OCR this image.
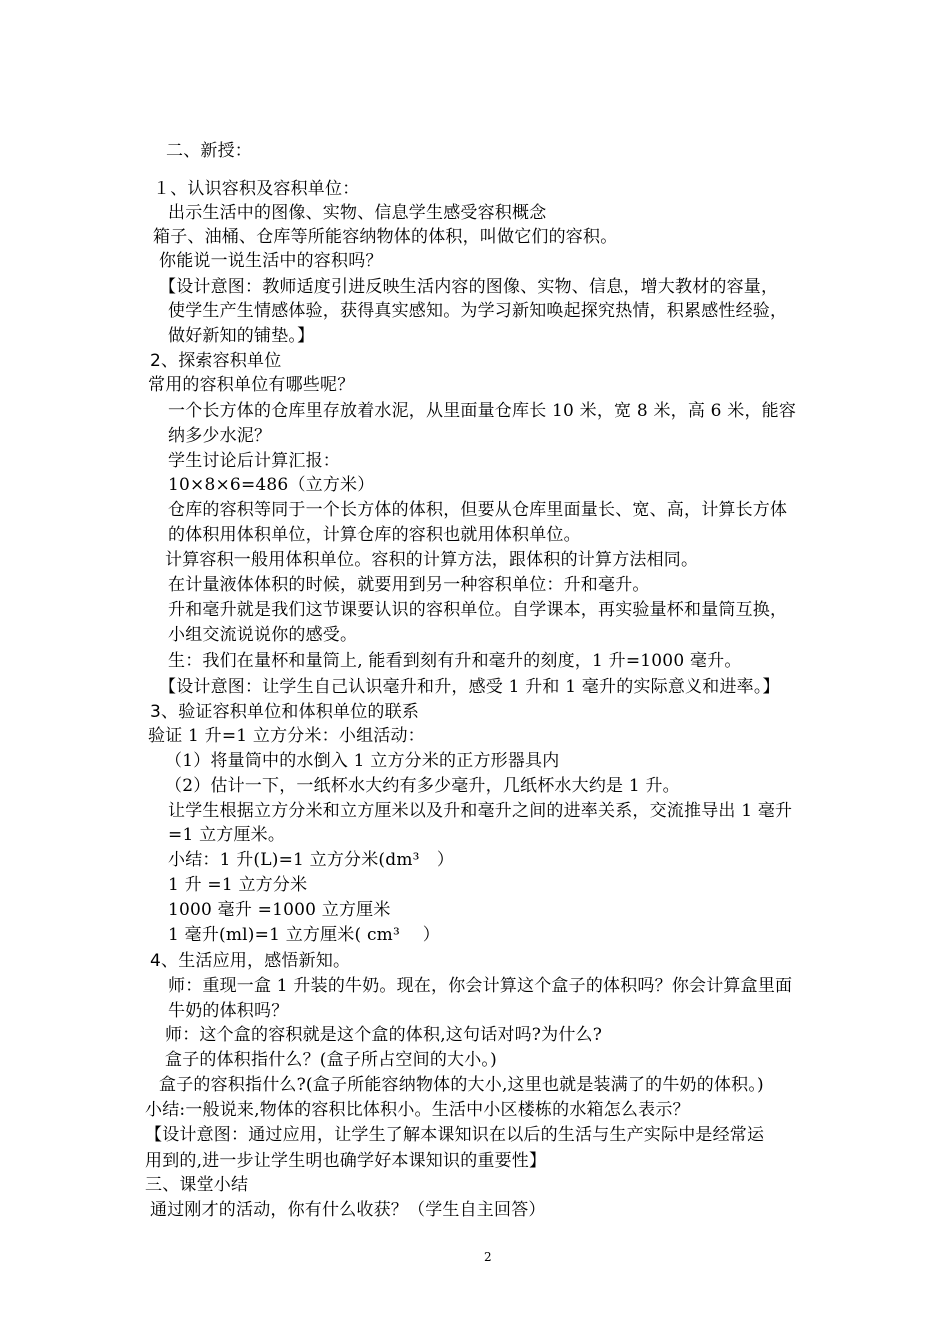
二、新授：
１、认识容积及容积单位：
出示生活中的图像、实物、信息学生感受容积概念
箱子、油桶、仓库等所能容纳物体的体积，叫做它们的容积。
你能说一说生活中的容积吗？
【设计意图：教师适度引进反映生活内容的图像、实物、信息，增大教材的容量，
使学生产生情感体验，获得真实感知。为学习新知唤起探究热情，积累感性经验，
做好新知的铺垫。】
2、探索容积单位
常用的容积单位有哪些呢？
一个长方体的仓库里存放着水泥，从里面量仓库长 10 米，宽 8 米，高 6 米，能容
纳多少水泥？
学生讨论后计算汇报：
10×8×6=486（立方米）
仓库的容积等同于一个长方体的体积，但要从仓库里面量长、宽、高，计算长方体
的体积用体积单位，计算仓库的容积也就用体积单位。
计算容积一般用体积单位。容积的计算方法，跟体积的计算方法相同。
在计量液体体积的时候，就要用到另一种容积单位：升和毫升。
升和毫升就是我们这节课要认识的容积单位。自学课本，再实验量杯和量筒互换，
小组交流说说你的感受。
生：我们在量杯和量筒上, 能看到刻有升和毫升的刻度，1 升=1000 毫升。
【设计意图：让学生自己认识毫升和升，感受 1 升和 1 毫升的实际意义和进率。】
3、验证容积单位和体积单位的联系
验证 1 升=1 立方分米：小组活动：
（1）将量筒中的水倒入 1 立方分米的正方形器具内
（2）估计一下，一纸杯水大约有多少毫升，几纸杯水大约是 1 升。
让学生根据立方分米和立方厘米以及升和毫升之间的进率关系，交流推导出 1 毫升
=1 立方厘米。
小结：1 升(L)=1 立方分米(dm³　）
1 升 =1 立方分米
1000 毫升 =1000 立方厘米
1 毫升(ml)=1 立方厘米( cm³　 ）
4、生活应用，感悟新知。
师：重现一盒 1 升装的牛奶。现在，你会计算这个盒子的体积吗？你会计算盒里面
牛奶的体积吗？
师：这个盒的容积就是这个盒的体积,这句话对吗?为什么?
盒子的体积指什么？(盒子所占空间的大小。)
盒子的容积指什么?(盒子所能容纳物体的大小,这里也就是装满了的牛奶的体积。)
小结:一般说来,物体的容积比体积小。生活中小区楼栋的水箱怎么表示？
【设计意图：通过应用，让学生了解本课知识在以后的生活与生产实际中是经常运
用到的,进一步让学生明也确学好本课知识的重要性】
三、课堂小结
通过刚才的活动，你有什么收获？（学生自主回答）
2
